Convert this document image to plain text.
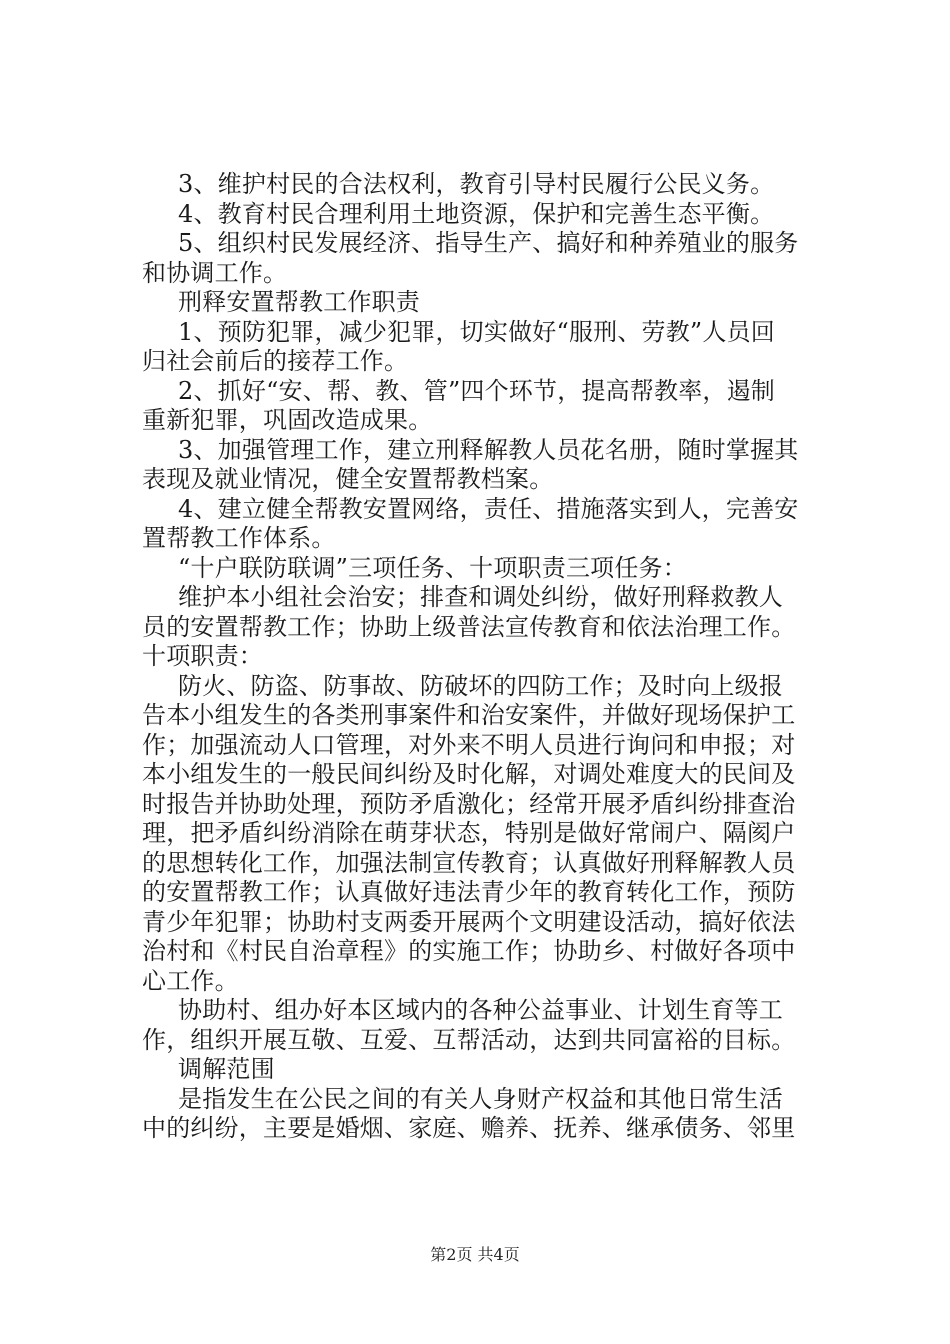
3、维护村民的合法权利，教育引导村民履行公民义务。
4、教育村民合理利用土地资源，保护和完善生态平衡。
5、组织村民发展经济、指导生产、搞好和种养殖业的服务
和协调工作。
刑释安置帮教工作职责
1、预防犯罪，减少犯罪，切实做好“服刑、劳教”人员回
归社会前后的接荐工作。
2、抓好“安、帮、教、管”四个环节，提高帮教率，遏制
重新犯罪，巩固改造成果。
3、加强管理工作，建立刑释解教人员花名册，随时掌握其
表现及就业情况，健全安置帮教档案。
4、建立健全帮教安置网络，责任、措施落实到人，完善安
置帮教工作体系。
“十户联防联调”三项任务、十项职责三项任务：
维护本小组社会治安；排查和调处纠纷，做好刑释救教人
员的安置帮教工作；协助上级普法宣传教育和依法治理工作。
十项职责：
防火、防盗、防事故、防破坏的四防工作；及时向上级报
告本小组发生的各类刑事案件和治安案件，并做好现场保护工
作；加强流动人口管理，对外来不明人员进行询问和申报；对
本小组发生的一般民间纠纷及时化解，对调处难度大的民间及
时报告并协助处理，预防矛盾激化；经常开展矛盾纠纷排查治
理，把矛盾纠纷消除在萌芽状态，特别是做好常闹户、隔阂户
的思想转化工作，加强法制宣传教育；认真做好刑释解教人员
的安置帮教工作；认真做好违法青少年的教育转化工作，预防
青少年犯罪；协助村支两委开展两个文明建设活动，搞好依法
治村和《村民自治章程》的实施工作；协助乡、村做好各项中
心工作。
协助村、组办好本区域内的各种公益事业、计划生育等工
作，组织开展互敬、互爱、互帮活动，达到共同富裕的目标。
调解范围
是指发生在公民之间的有关人身财产权益和其他日常生活
中的纠纷，主要是婚烟、家庭、赡养、抚养、继承债务、邻里
第2页 共4页
